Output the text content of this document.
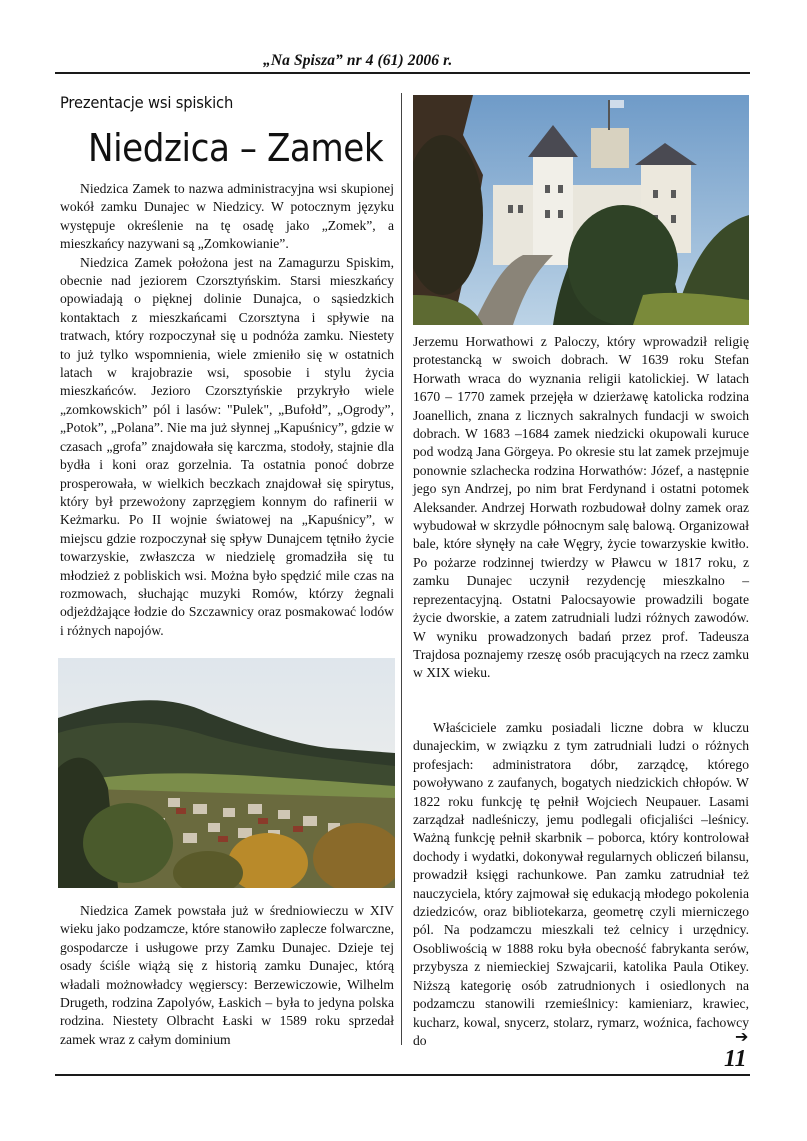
„Na Spisza” nr 4 (61) 2006 r.
Prezentacje wsi spiskich
Niedzica – Zamek

Niedzica Zamek to nazwa administracyjna wsi skupionej wokół zamku Dunajec w Niedzicy. W potocznym języku występuje określenie na tę osadę jako „Zomek”, a mieszkańcy nazywani są „Zomkowianie”.

Niedzica Zamek położona jest na Zamagurzu Spiskim, obecnie nad jeziorem Czorsztyńskim. Starsi mieszkańcy opowiadają o pięknej dolinie Dunajca, o sąsiedzkich kontaktach z mieszkańcami Czorsztyna i spływie na tratwach, który rozpoczynał się u podnóża zamku. Niestety to już tylko wspomnienia, wiele zmieniło się w ostatnich latach w krajobrazie wsi, sposobie i stylu życia mieszkańców. Jezioro Czorsztyńskie przykryło wiele „zomkowskich” pól i lasów: "Pulek", „Bufołd”, „Ogrody”, „Potok”, „Polana”. Nie ma już słynnej „Kapuśnicy”, gdzie w czasach „grofa” znajdowała się karczma, stodoły, stajnie dla bydła i koni oraz gorzelnia. Ta ostatnia ponoć dobrze prosperowała, w wielkich beczkach znajdował się spirytus, który był przewożony zaprzęgiem konnym do rafinerii w Keżmarku. Po II wojnie światowej na „Kapuśnicy”, w miejscu gdzie rozpoczynał się spływ Dunajcem tętniło życie towarzyskie, zwłaszcza w niedzielę gromadziła się tu młodzież z pobliskich wsi. Można było spędzić mile czas na rozmowach, słuchając muzyki Romów, którzy żegnali odjeżdżające łodzie do Szczawnicy oraz posmakować lodów i różnych napojów.

Niedzica Zamek powstała już w średniowieczu w XIV wieku jako podzamcze, które stanowiło zaplecze folwarczne, gospodarcze i usługowe przy Zamku Dunajec. Dzieje tej osady ściśle wiążą się z historią zamku Dunajec, którą władali możnowładcy węgierscy: Berzewiczowie, Wilhelm Drugeth, rodzina Zapolyów, Łaskich – była to jedyna polska rodzina. Niestety Olbracht Łaski w 1589 roku sprzedał zamek wraz z całym dominium

Jerzemu Horwathowi z Paloczy, który wprowadził religię protestancką w swoich dobrach. W 1639 roku Stefan Horwath wraca do wyznania religii katolickiej. W latach 1670 – 1770 zamek przejęła w dzierżawę katolicka rodzina Joanellich, znana z licznych sakralnych fundacji w swoich dobrach. W 1683 –1684 zamek niedzicki okupowali kuruce pod wodzą Jana Görgeya. Po okresie stu lat zamek przejmuje ponownie szlachecka rodzina Horwathów: Józef, a następnie jego syn Andrzej, po nim brat Ferdynand i ostatni potomek Aleksander. Andrzej Horwath rozbudował dolny zamek oraz wybudował w skrzydle północnym salę balową. Organizował bale, które słynęły na całe Węgry, życie towarzyskie kwitło. Po pożarze rodzinnej twierdzy w Pławcu w 1817 roku, z zamku Dunajec uczynił rezydencję mieszkalno – reprezentacyjną. Ostatni Palocsayowie prowadzili bogate życie dworskie, a zatem zatrudniali ludzi różnych zawodów. W wyniku prowadzonych badań przez prof. Tadeusza Trajdosa poznajemy rzeszę osób pracujących na rzecz zamku w XIX wieku.

Właściciele zamku posiadali liczne dobra w kluczu dunajeckim, w związku z tym zatrudniali ludzi o różnych profesjach: administratora dóbr, zarządcę, którego powoływano z zaufanych, bogatych niedzickich chłopów. W 1822 roku funkcję tę pełnił Wojciech Neupauer. Lasami zarządzał nadleśniczy, jemu podlegali oficjaliści –leśnicy. Ważną funkcję pełnił skarbnik – poborca, który kontrolował dochody i wydatki, dokonywał regularnych obliczeń bilansu, prowadził księgi rachunkowe. Pan zamku zatrudniał też nauczyciela, który zajmował się edukacją młodego pokolenia dziedziców, oraz bibliotekarza, geometrę czyli mierniczego pól. Na podzamczu mieszkali też celnicy i urzędnicy. Osobliwością w 1888 roku była obecność fabrykanta serów, przybysza z niemieckiej Szwajcarii, katolika Paula Otikey. Niższą kategorię osób zatrudnionych i osiedlonych na podzamczu stanowili rzemieślnicy: kamieniarz, krawiec, kucharz, kowal, snycerz, stolarz, rymarz, woźnica, fachowcy do	➔
11
